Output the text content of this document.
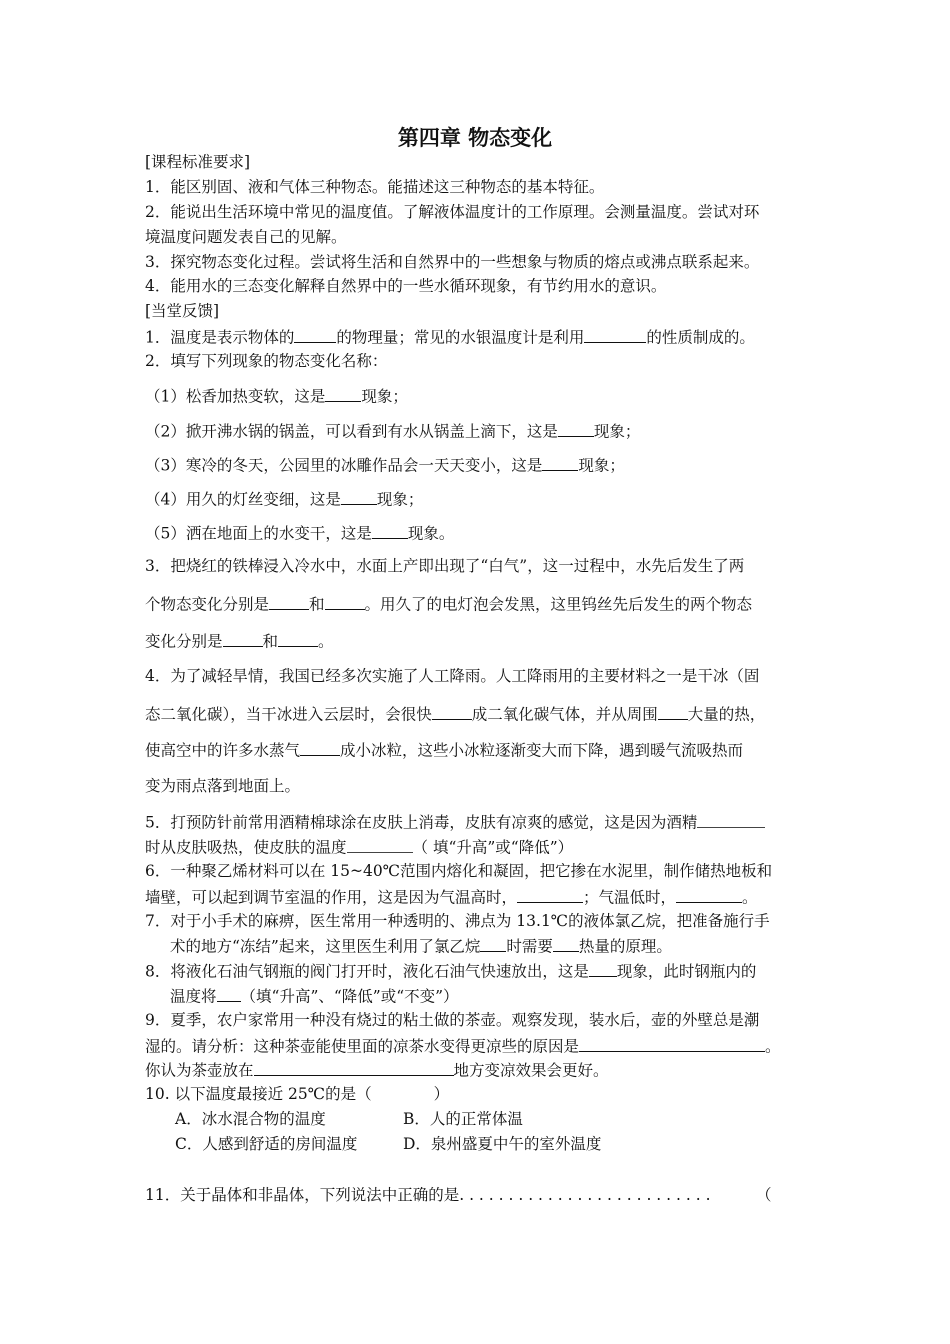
第四章 物态变化
[课程标准要求]
1．能区别固、液和气体三种物态。能描述这三种物态的基本特征。
2．能说出生活环境中常见的温度值。了解液体温度计的工作原理。会测量温度。尝试对环
境温度问题发表自己的见解。
3．探究物态变化过程。尝试将生活和自然界中的一些想象与物质的熔点或沸点联系起来。
4．能用水的三态变化解释自然界中的一些水循环现象，有节约用水的意识。
[当堂反馈]
1．温度是表示物体的	的物理量；常见的水银温度计是利用	的性质制成的。
2．填写下列现象的物态变化名称：
（1）松香加热变软，这是 现象；
（2）掀开沸水锅的锅盖，可以看到有水从锅盖上滴下，这是 现象；
（3）寒冷的冬天，公园里的冰雕作品会一天天变小，这是 现象；
（4）用久的灯丝变细，这是 现象；
（5）洒在地面上的水变干，这是 现象。
3．把烧红的铁棒浸入冷水中，水面上产即出现了“白气”，这一过程中，水先后发生了两
个物态变化分别是	和	。用久了的电灯泡会发黑，这里钨丝先后发生的两个物态
变化分别是	和	。
4．为了减轻旱情，我国已经多次实施了人工降雨。人工降雨用的主要材料之一是干冰（固
态二氧化碳），当干冰进入云层时，会很快	成二氧化碳气体，并从周围 大量的热，
使高空中的许多水蒸气	成小冰粒，这些小冰粒逐渐变大而下降，遇到暖气流吸热而
变为雨点落到地面上。
5．打预防针前常用酒精棉球涂在皮肤上消毒，皮肤有凉爽的感觉，这是因为酒精
时从皮肤吸热，使皮肤的温度	（ 填“升高”或“降低”）
6．一种聚乙烯材料可以在 15~40℃范围内熔化和凝固，把它掺在水泥里，制作储热地板和
墙壁，可以起到调节室温的作用，这是因为气温高时，	；气温低时，	。
7．对于小手术的麻痹，医生常用一种透明的、沸点为 13.1℃的液体氯乙烷，把准备施行手
术的地方“冻结”起来，这里医生利用了氯乙烷 时需要 热量的原理。
8．将液化石油气钢瓶的阀门打开时，液化石油气快速放出，这是 现象，此时钢瓶内的
温度将 （填“升高”、“降低”或“不变”）
9．夏季，农户家常用一种没有烧过的粘土做的茶壶。观察发现，装水后，壶的外壁总是潮
湿的。请分析：这种茶壶能使里面的凉茶水变得更凉些的原因是	。
你认为茶壶放在	地方变凉效果会更好。
10. 以下温度最接近 25℃的是（　　　　）
A．冰水混合物的温度	B．人的正常体温
C．人感到舒适的房间温度	D．泉州盛夏中午的室外温度
11．关于晶体和非晶体，下列说法中正确的是. . . . . . . . . . . . . . . . . . . . . . . . . .	（
